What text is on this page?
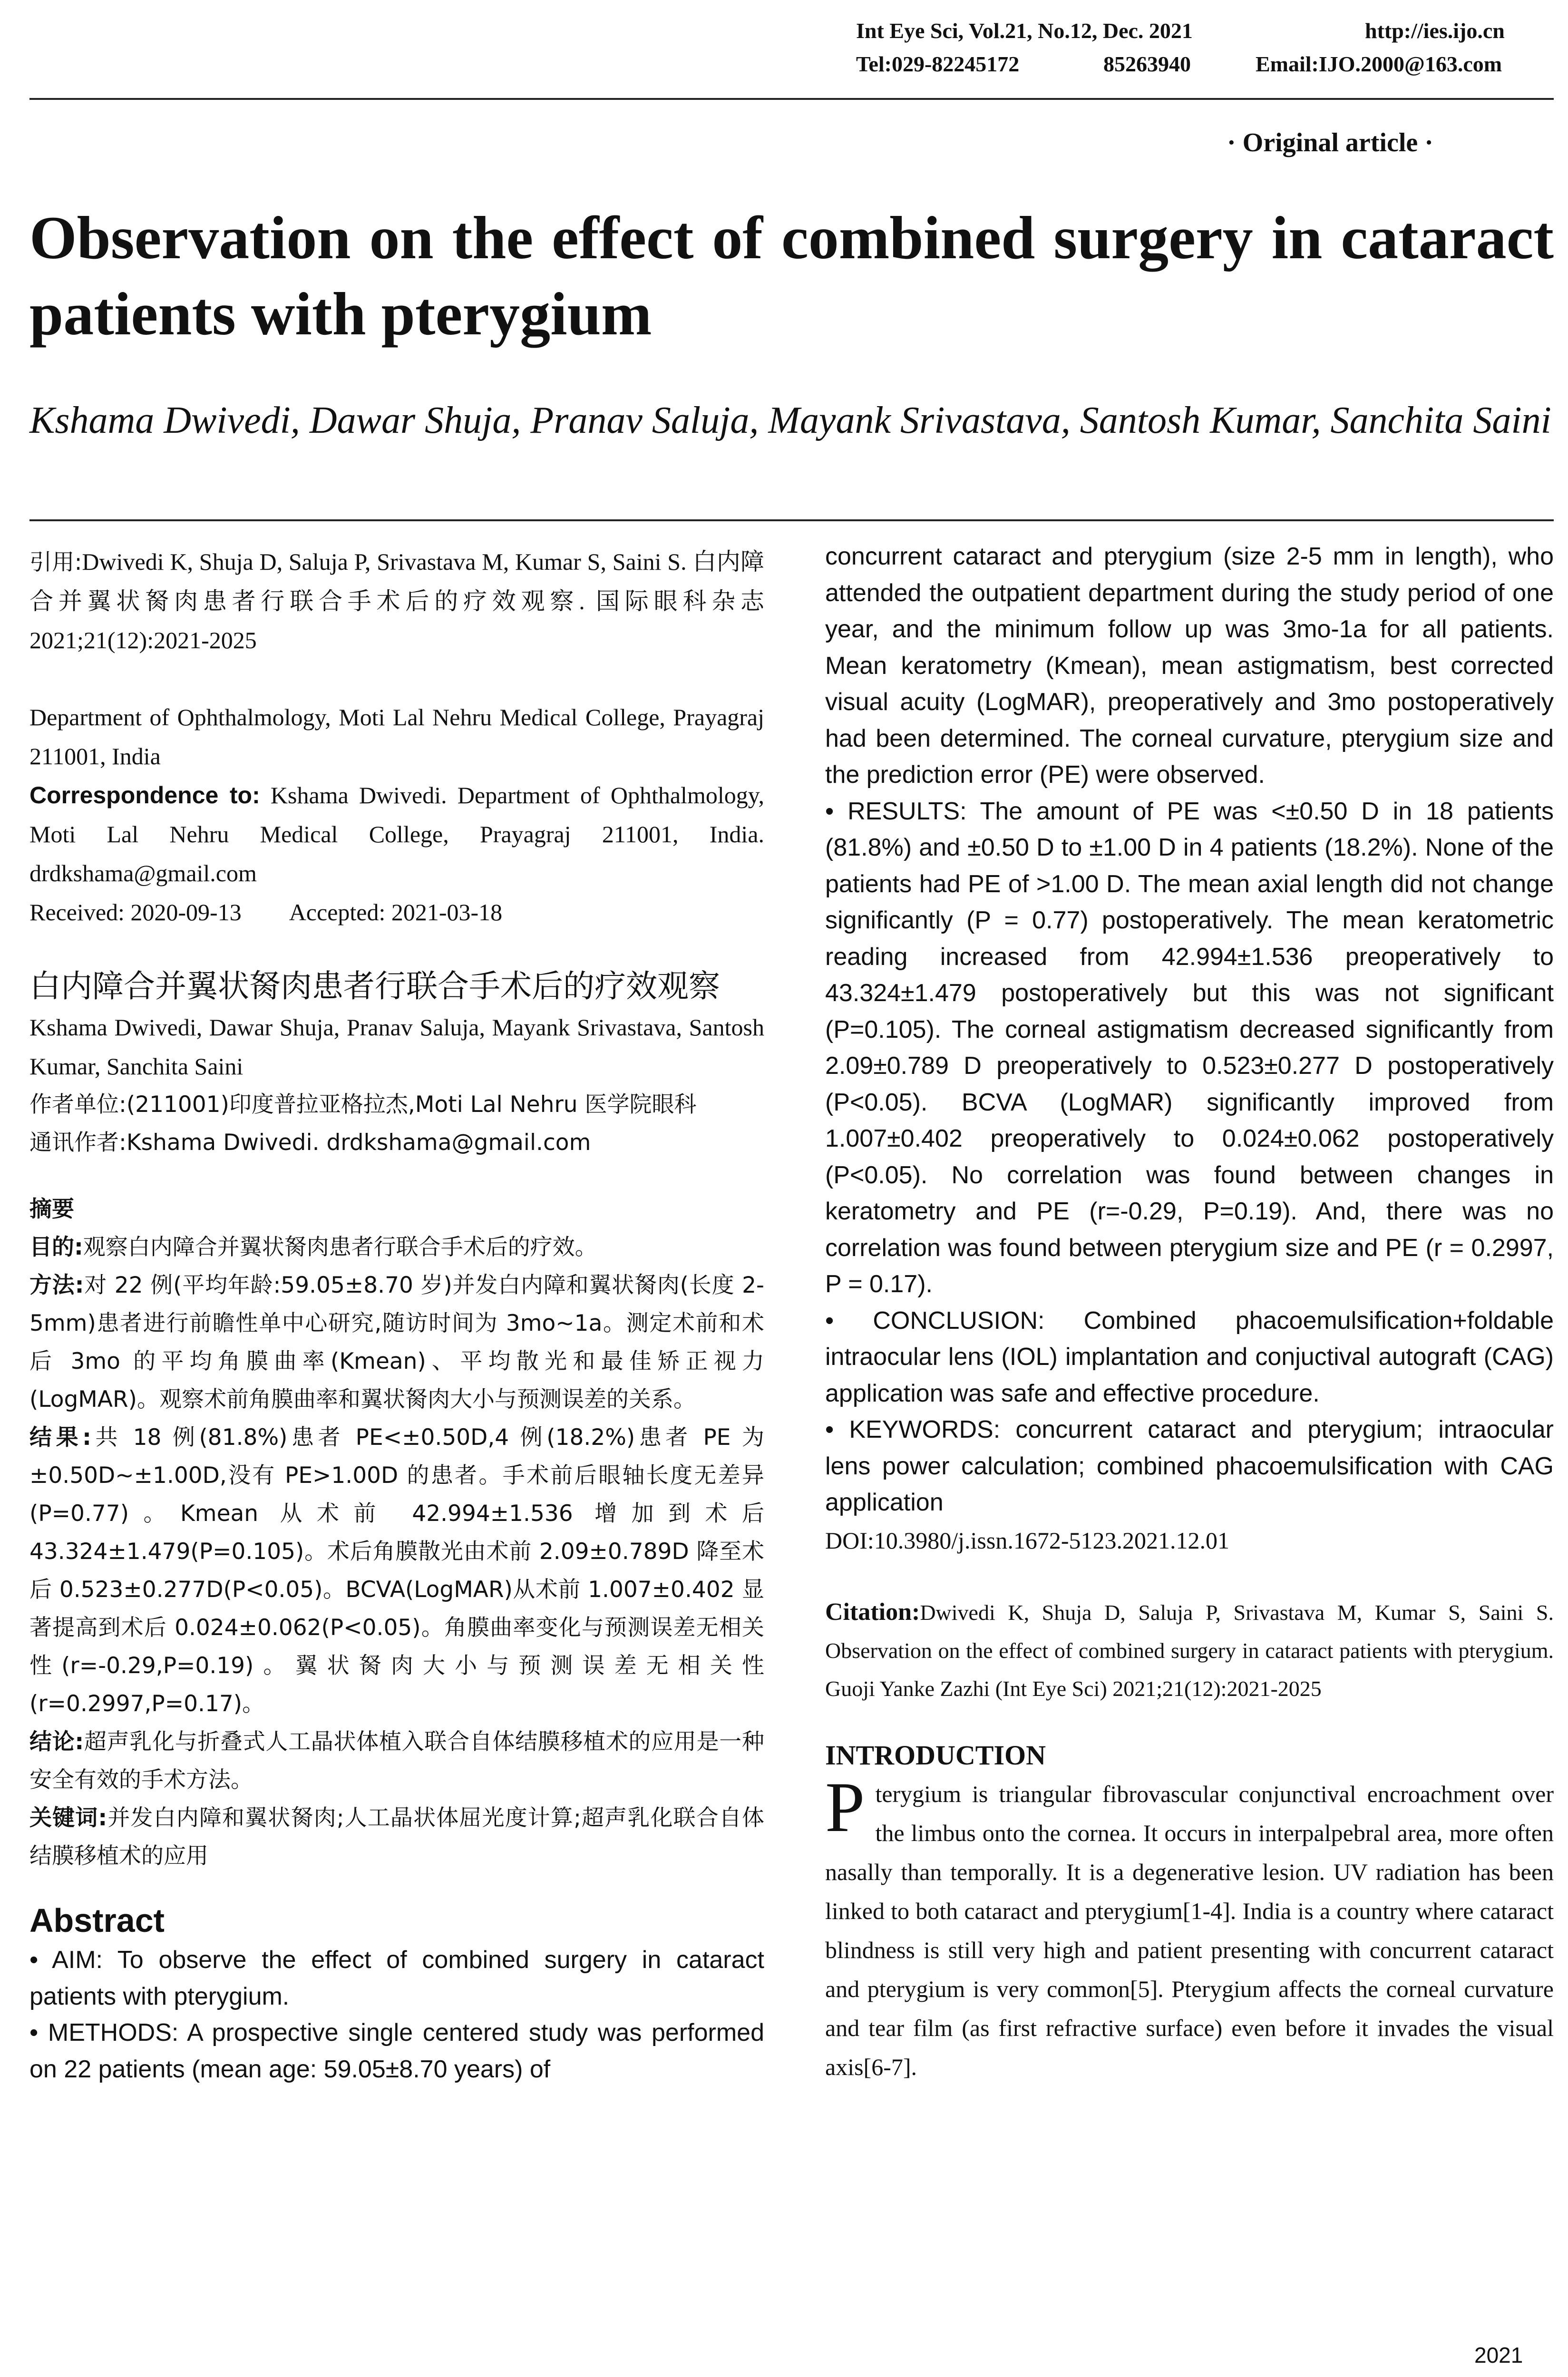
Int Eye Sci, Vol.21, No.12, Dec. 2021	http://ies.ijo.cn
Tel:029-82245172	85263940	Email:IJO.2000@163.com
· Original article ·
Observation on the effect of combined surgery in cataract patients with pterygium
Kshama Dwivedi, Dawar Shuja, Pranav Saluja, Mayank Srivastava, Santosh Kumar, Sanchita Saini

引用:Dwivedi K, Shuja D, Saluja P, Srivastava M, Kumar S, Saini S. 白内障合并翼状胬肉患者行联合手术后的疗效观察. 国际眼科杂志 2021;21(12):2021-2025

Department of Ophthalmology, Moti Lal Nehru Medical College, Prayagraj 211001, India

Correspondence to: Kshama Dwivedi. Department of Ophthalmology, Moti Lal Nehru Medical College, Prayagraj 211001, India. drdkshama@gmail.com

Received: 2020-09-13 Accepted: 2021-03-18

白内障合并翼状胬肉患者行联合手术后的疗效观察

Kshama Dwivedi, Dawar Shuja, Pranav Saluja, Mayank Srivastava, Santosh Kumar, Sanchita Saini

作者单位:(211001)印度普拉亚格拉杰,Moti Lal Nehru 医学院眼科

通讯作者:Kshama Dwivedi. drdkshama@gmail.com

摘要

目的:观察白内障合并翼状胬肉患者行联合手术后的疗效。

方法:对 22 例(平均年龄:59.05±8.70 岁)并发白内障和翼状胬肉(长度 2-5mm)患者进行前瞻性单中心研究,随访时间为 3mo~1a。测定术前和术后 3mo 的平均角膜曲率(Kmean)、平均散光和最佳矫正视力(LogMAR)。观察术前角膜曲率和翼状胬肉大小与预测误差的关系。

结果:共 18 例(81.8%)患者 PE<±0.50D,4 例(18.2%)患者 PE 为±0.50D~±1.00D,没有 PE>1.00D 的患者。手术前后眼轴长度无差异(P=0.77)。Kmean 从术前 42.994±1.536 增加到术后 43.324±1.479(P=0.105)。术后角膜散光由术前 2.09±0.789D 降至术后 0.523±0.277D(P<0.05)。BCVA(LogMAR)从术前 1.007±0.402 显著提高到术后 0.024±0.062(P<0.05)。角膜曲率变化与预测误差无相关性(r=-0.29,P=0.19)。翼状胬肉大小与预测误差无相关性(r=0.2997,P=0.17)。

结论:超声乳化与折叠式人工晶状体植入联合自体结膜移植术的应用是一种安全有效的手术方法。

关键词:并发白内障和翼状胬肉;人工晶状体屈光度计算;超声乳化联合自体结膜移植术的应用

Abstract

• AIM: To observe the effect of combined surgery in cataract patients with pterygium.

• METHODS: A prospective single centered study was performed on 22 patients (mean age: 59.05±8.70 years) of

concurrent cataract and pterygium (size 2-5 mm in length), who attended the outpatient department during the study period of one year, and the minimum follow up was 3mo-1a for all patients. Mean keratometry (Kmean), mean astigmatism, best corrected visual acuity (LogMAR), preoperatively and 3mo postoperatively had been determined. The corneal curvature, pterygium size and the prediction error (PE) were observed.

• RESULTS: The amount of PE was <±0.50 D in 18 patients (81.8%) and ±0.50 D to ±1.00 D in 4 patients (18.2%). None of the patients had PE of >1.00 D. The mean axial length did not change significantly (P = 0.77) postoperatively. The mean keratometric reading increased from 42.994±1.536 preoperatively to 43.324±1.479 postoperatively but this was not significant (P=0.105). The corneal astigmatism decreased significantly from 2.09±0.789 D preoperatively to 0.523±0.277 D postoperatively (P<0.05). BCVA (LogMAR) significantly improved from 1.007±0.402 preoperatively to 0.024±0.062 postoperatively (P<0.05). No correlation was found between changes in keratometry and PE (r=-0.29, P=0.19). And, there was no correlation was found between pterygium size and PE (r = 0.2997, P = 0.17).

• CONCLUSION: Combined phacoemulsification+foldable intraocular lens (IOL) implantation and conjuctival autograft (CAG) application was safe and effective procedure.

• KEYWORDS: concurrent cataract and pterygium; intraocular lens power calculation; combined phacoemulsification with CAG application

DOI:10.3980/j.issn.1672-5123.2021.12.01

Citation:Dwivedi K, Shuja D, Saluja P, Srivastava M, Kumar S, Saini S. Observation on the effect of combined surgery in cataract patients with pterygium. Guoji Yanke Zazhi (Int Eye Sci) 2021;21(12):2021-2025

INTRODUCTION

Pterygium is triangular fibrovascular conjunctival encroachment over the limbus onto the cornea. It occurs in interpalpebral area, more often nasally than temporally. It is a degenerative lesion. UV radiation has been linked to both cataract and pterygium[1-4]. India is a country where cataract blindness is still very high and patient presenting with concurrent cataract and pterygium is very common[5]. Pterygium affects the corneal curvature and tear film (as first refractive surface) even before it invades the visual axis[6-7].

2021
